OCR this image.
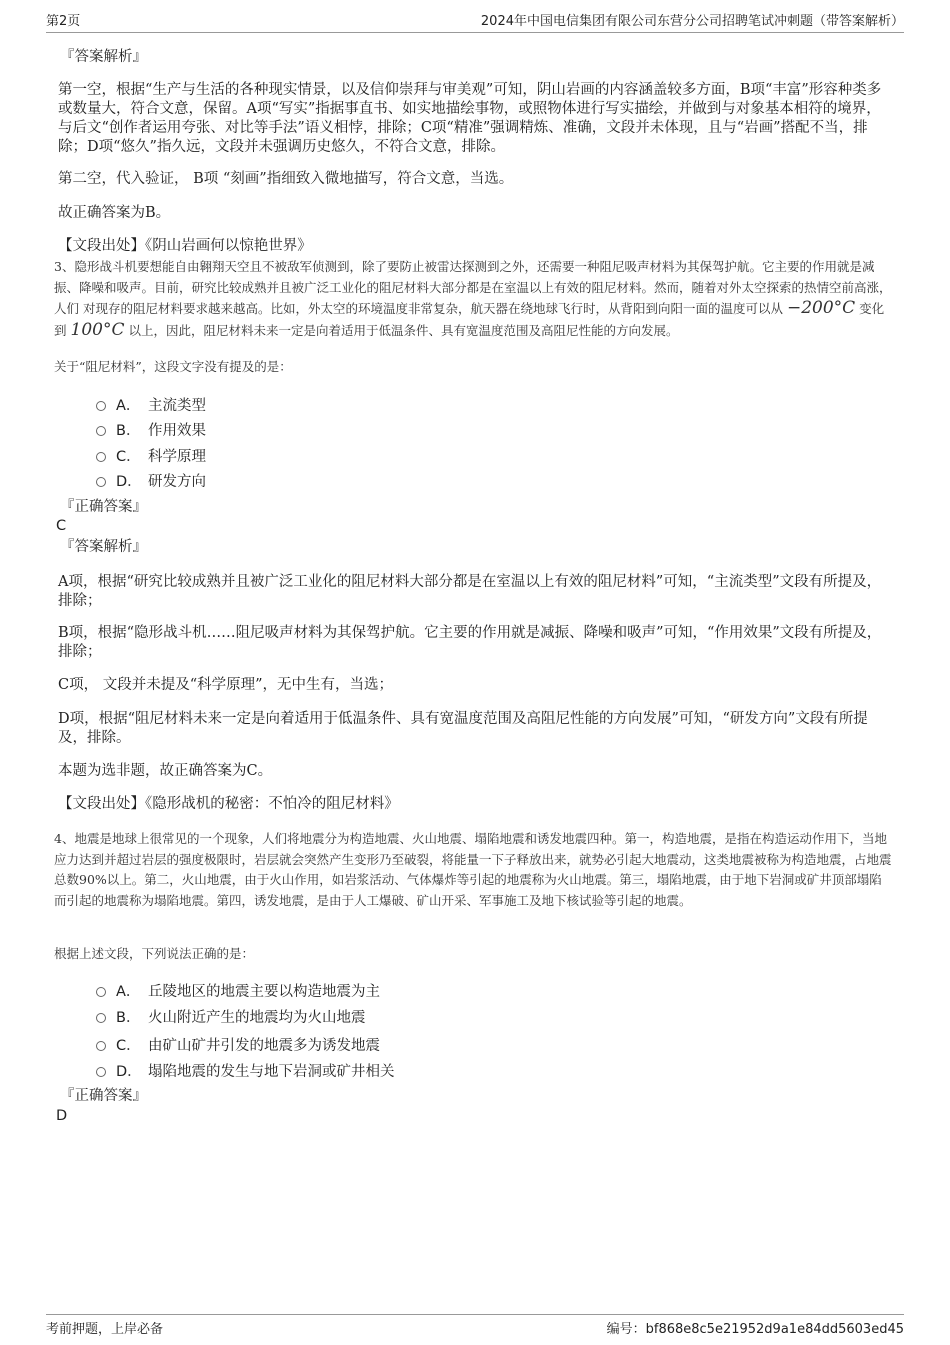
第2页	2024年中国电信集团有限公司东营分公司招聘笔试冲刺题（带答案解析）
『答案解析』
第一空，根据“生产与生活的各种现实情景，以及信仰崇拜与审美观”可知，阴山岩画的内容涵盖较多方面，B项“丰富”形容种类多或数量大，符合文意，保留。A项“写实”指据事直书、如实地描绘事物，或照物体进行写实描绘，并做到与对象基本相符的境界，与后文“创作者运用夸张、对比等手法”语义相悖，排除；C项“精准”强调精炼、准确，文段并未体现，且与“岩画”搭配不当，排除；D项“悠久”指久远，文段并未强调历史悠久，不符合文意，排除。
第二空，代入验证， B项 “刻画”指细致入微地描写，符合文意，当选。
故正确答案为B。
【文段出处】《阴山岩画何以惊艳世界》
3、隐形战斗机要想能自由翱翔天空且不被敌军侦测到，除了要防止被雷达探测到之外，还需要一种阻尼吸声材料为其保驾护航。它主要的作用就是减振、降噪和吸声。目前，研究比较成熟并且被广泛工业化的阻尼材料大部分都是在室温以上有效的阻尼材料。然而，随着对外太空探索的热情空前高涨， 人们 对现存的阻尼材料要求越来越高。比如，外太空的环境温度非常复杂，航天器在绕地球飞行时，从背阳到向阳一面的温度可以从 −200°C 变化到 100°C 以上，因此，阻尼材料未来一定是向着适用于低温条件、具有宽温度范围及高阻尼性能的方向发展。
关于“阻尼材料”，这段文字没有提及的是：
A． 主流类型
B． 作用效果
C． 科学原理
D． 研发方向
『正确答案』
C
『答案解析』
A项，根据“研究比较成熟并且被广泛工业化的阻尼材料大部分都是在室温以上有效的阻尼材料”可知，“主流类型”文段有所提及，排除；
B项，根据“隐形战斗机……阻尼吸声材料为其保驾护航。它主要的作用就是减振、降噪和吸声”可知，“作用效果”文段有所提及，排除；
C项， 文段并未提及“科学原理”，无中生有，当选；
D项，根据“阻尼材料未来一定是向着适用于低温条件、具有宽温度范围及高阻尼性能的方向发展”可知，“研发方向”文段有所提及，排除。
本题为选非题，故正确答案为C。
【文段出处】《隐形战机的秘密：不怕冷的阻尼材料》
4、地震是地球上很常见的一个现象，人们将地震分为构造地震、火山地震、塌陷地震和诱发地震四种。第一，构造地震，是指在构造运动作用下，当地应力达到并超过岩层的强度极限时，岩层就会突然产生变形乃至破裂，将能量一下子释放出来，就势必引起大地震动，这类地震被称为构造地震，占地震总数90%以上。第二，火山地震，由于火山作用，如岩浆活动、气体爆炸等引起的地震称为火山地震。第三，塌陷地震，由于地下岩洞或矿井顶部塌陷而引起的地震称为塌陷地震。第四，诱发地震，是由于人工爆破、矿山开采、军事施工及地下核试验等引起的地震。
根据上述文段，下列说法正确的是：
A． 丘陵地区的地震主要以构造地震为主
B． 火山附近产生的地震均为火山地震
C． 由矿山矿井引发的地震多为诱发地震
D． 塌陷地震的发生与地下岩洞或矿井相关
『正确答案』
D
考前押题，上岸必备	编号：bf868e8c5e21952d9a1e84dd5603ed45
